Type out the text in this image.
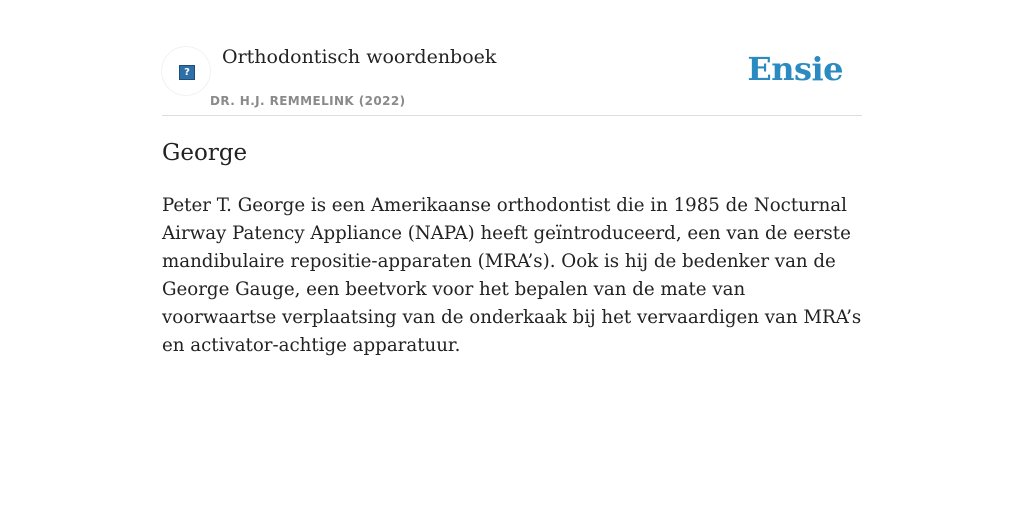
?
Orthodontisch woordenboek
DR. H.J. REMMELINK (2022)
Ensie
George

Peter T. George is een Amerikaanse orthodontist die in 1985 de Nocturnal Airway Patency Appliance (NAPA) heeft geïntroduceerd, een van de eerste mandibulaire repositie-apparaten (MRA’s). Ook is hij de bedenker van de George Gauge, een beetvork voor het bepalen van de mate van voorwaartse verplaatsing van de onderkaak bij het vervaardigen van MRA’s en activator-achtige apparatuur.
